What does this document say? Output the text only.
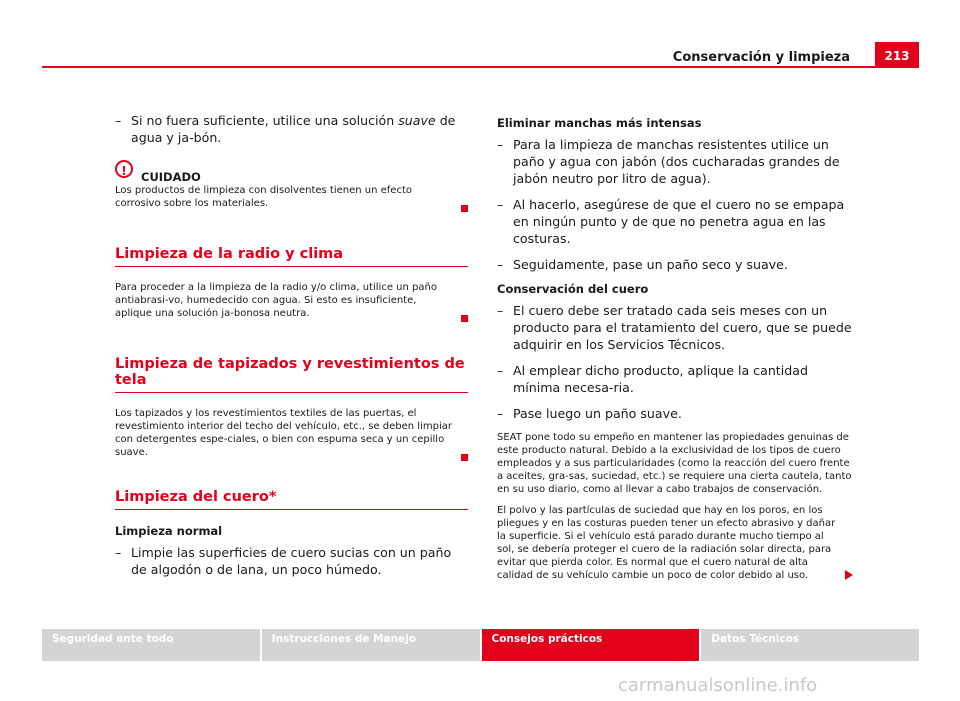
Conservación y limpieza	213
– Si no fuera suficiente, utilice una solución suave de agua y ja-bón.
!	CUIDADO
Los productos de limpieza con disolventes tienen un efecto corrosivo sobre los materiales.
Limpieza de la radio y clima
Para proceder a la limpieza de la radio y/o clima, utilice un paño antiabrasi-vo, humedecido con agua. Si esto es insuficiente, aplique una solución ja-bonosa neutra.
Limpieza de tapizados y revestimientos de tela
Los tapizados y los revestimientos textiles de las puertas, el revestimiento interior del techo del vehículo, etc., se deben limpiar con detergentes espe-ciales, o bien con espuma seca y un cepillo suave.
Limpieza del cuero*
Limpieza normal
– Limpie las superficies de cuero sucias con un paño de algodón o de lana, un poco húmedo.
Eliminar manchas más intensas
– Para la limpieza de manchas resistentes utilice un paño y agua con jabón (dos cucharadas grandes de jabón neutro por litro de agua).
– Al hacerlo, asegúrese de que el cuero no se empapa en ningún punto y de que no penetra agua en las costuras.
– Seguidamente, pase un paño seco y suave.
Conservación del cuero
– El cuero debe ser tratado cada seis meses con un producto para el tratamiento del cuero, que se puede adquirir en los Servicios Técnicos.
– Al emplear dicho producto, aplique la cantidad mínima necesa-ria.
– Pase luego un paño suave.
SEAT pone todo su empeño en mantener las propiedades genuinas de este producto natural. Debido a la exclusividad de los tipos de cuero empleados y a sus particularidades (como la reacción del cuero frente a aceites, gra-sas, suciedad, etc.) se requiere una cierta cautela, tanto en su uso diario, como al llevar a cabo trabajos de conservación.
El polvo y las partículas de suciedad que hay en los poros, en los pliegues y en las costuras pueden tener un efecto abrasivo y dañar la superficie. Si el vehículo está parado durante mucho tiempo al sol, se debería proteger el cuero de la radiación solar directa, para evitar que pierda color. Es normal que el cuero natural de alta calidad de su vehículo cambie un poco de color debido al uso.
Seguridad ante todo	Instrucciones de Manejo	Consejos prácticos	Datos Técnicos
carmanualsonline.info
